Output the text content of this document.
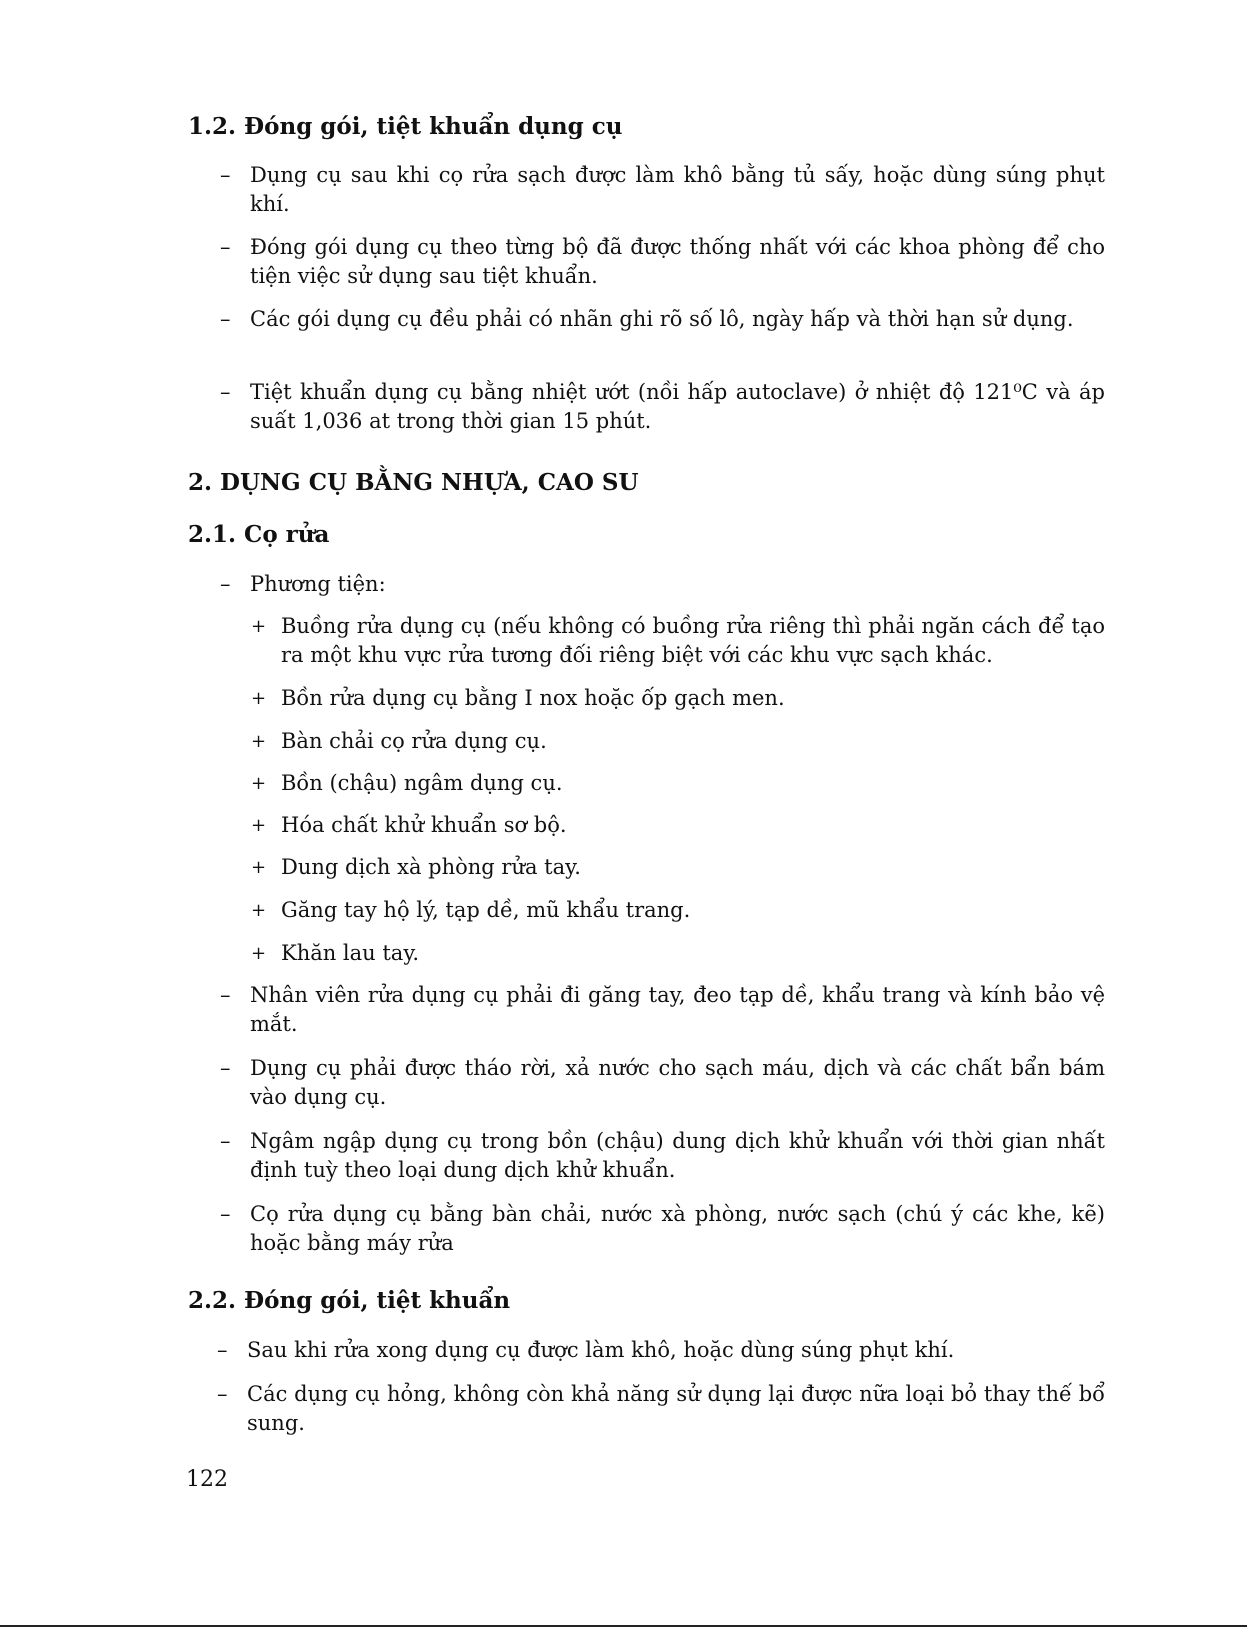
1.2. Đóng gói, tiệt khuẩn dụng cụ
– Dụng cụ sau khi cọ rửa sạch được làm khô bằng tủ sấy, hoặc dùng súng phụt khí.
– Đóng gói dụng cụ theo từng bộ đã được thống nhất với các khoa phòng để cho tiện việc sử dụng sau tiệt khuẩn.
– Các gói dụng cụ đều phải có nhãn ghi rõ số lô, ngày hấp và thời hạn sử dụng.
– Tiệt khuẩn dụng cụ bằng nhiệt ướt (nồi hấp autoclave) ở nhiệt độ 121⁰C và áp suất 1,036 at trong thời gian 15 phút.
2. DỤNG CỤ BẰNG NHỰA, CAO SU
2.1. Cọ rửa
– Phương tiện:
+ Buồng rửa dụng cụ (nếu không có buồng rửa riêng thì phải ngăn cách để tạo ra một khu vực rửa tương đối riêng biệt với các khu vực sạch khác.
+ Bồn rửa dụng cụ bằng I nox hoặc ốp gạch men.
+ Bàn chải cọ rửa dụng cụ.
+ Bồn (chậu) ngâm dụng cụ.
+ Hóa chất khử khuẩn sơ bộ.
+ Dung dịch xà phòng rửa tay.
+ Găng tay hộ lý, tạp dề, mũ khẩu trang.
+ Khăn lau tay.
– Nhân viên rửa dụng cụ phải đi găng tay, đeo tạp dề, khẩu trang và kính bảo vệ mắt.
– Dụng cụ phải được tháo rời, xả nước cho sạch máu, dịch và các chất bẩn bám vào dụng cụ.
– Ngâm ngập dụng cụ trong bồn (chậu) dung dịch khử khuẩn với thời gian nhất định tuỳ theo loại dung dịch khử khuẩn.
– Cọ rửa dụng cụ bằng bàn chải, nước xà phòng, nước sạch (chú ý các khe, kẽ) hoặc bằng máy rửa
2.2. Đóng gói, tiệt khuẩn
– Sau khi rửa xong dụng cụ được làm khô, hoặc dùng súng phụt khí.
– Các dụng cụ hỏng, không còn khả năng sử dụng lại được nữa loại bỏ thay thế bổ sung.
122
